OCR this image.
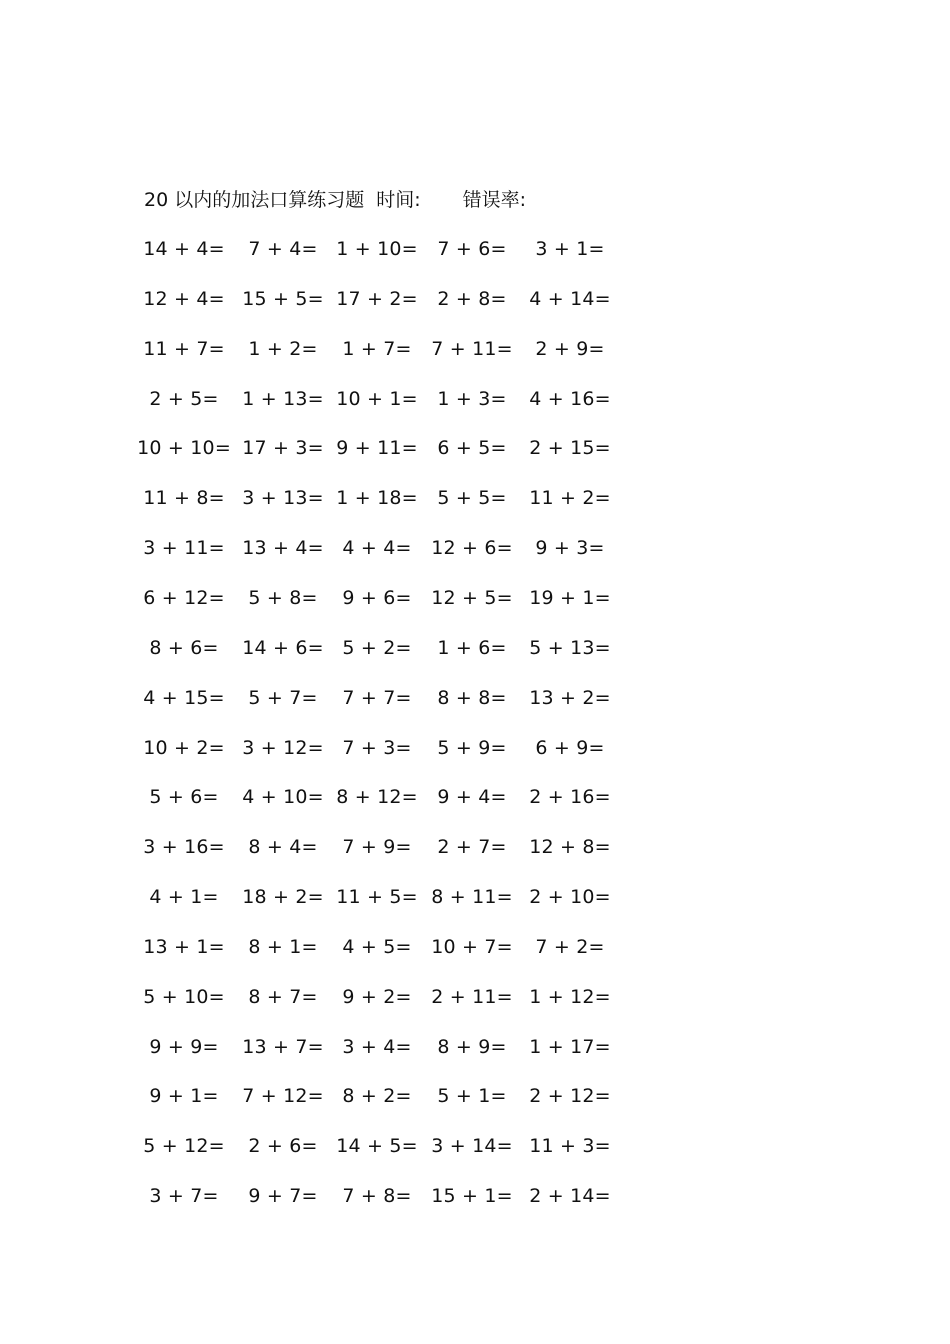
20 以内的加法口算练习题 时间: 错误率:
14 + 4= 7 + 4= 1 + 10= 7 + 6= 3 + 1=
12 + 4= 15 + 5= 17 + 2= 2 + 8= 4 + 14=
11 + 7= 1 + 2= 1 + 7= 7 + 11= 2 + 9=
2 + 5= 1 + 13= 10 + 1= 1 + 3= 4 + 16=
10 + 10= 17 + 3= 9 + 11= 6 + 5= 2 + 15=
11 + 8= 3 + 13= 1 + 18= 5 + 5= 11 + 2=
3 + 11= 13 + 4= 4 + 4= 12 + 6= 9 + 3=
6 + 12= 5 + 8= 9 + 6= 12 + 5= 19 + 1=
8 + 6= 14 + 6= 5 + 2= 1 + 6= 5 + 13=
4 + 15= 5 + 7= 7 + 7= 8 + 8= 13 + 2=
10 + 2= 3 + 12= 7 + 3= 5 + 9= 6 + 9=
5 + 6= 4 + 10= 8 + 12= 9 + 4= 2 + 16=
3 + 16= 8 + 4= 7 + 9= 2 + 7= 12 + 8=
4 + 1= 18 + 2= 11 + 5= 8 + 11= 2 + 10=
13 + 1= 8 + 1= 4 + 5= 10 + 7= 7 + 2=
5 + 10= 8 + 7= 9 + 2= 2 + 11= 1 + 12=
9 + 9= 13 + 7= 3 + 4= 8 + 9= 1 + 17=
9 + 1= 7 + 12= 8 + 2= 5 + 1= 2 + 12=
5 + 12= 2 + 6= 14 + 5= 3 + 14= 11 + 3=
3 + 7= 9 + 7= 7 + 8= 15 + 1= 2 + 14=
